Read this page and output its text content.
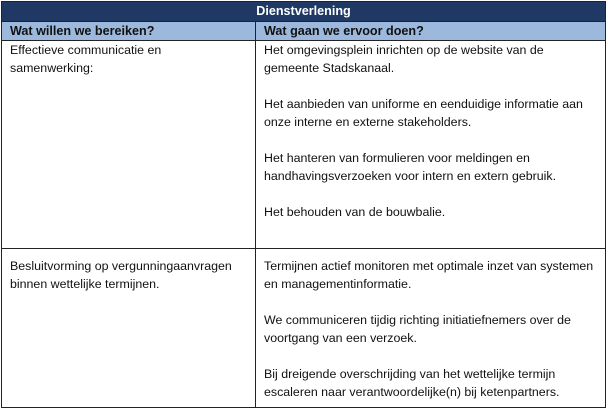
Dienstverlening	
Wat willen we bereiken?	Wat gaan we ervoor doen?

Effectieve communicatie en samenwerking:	Het omgevingsplein inrichten op de website van de gemeente Stadskanaal.

Het aanbieden van uniforme en eenduidige informatie aan onze interne en externe stakeholders.

Het hanteren van formulieren voor meldingen en handhavingsverzoeken voor intern en extern gebruik.

Het behouden van de bouwbalie.

Besluitvorming op vergunningaanvragen binnen wettelijke termijnen.	Termijnen actief monitoren met optimale inzet van systemen en managementinformatie.

We communiceren tijdig richting initiatiefnemers over de voortgang van een verzoek.

Bij dreigende overschrijding van het wettelijke termijn escaleren naar verantwoordelijke(n) bij ketenpartners.
